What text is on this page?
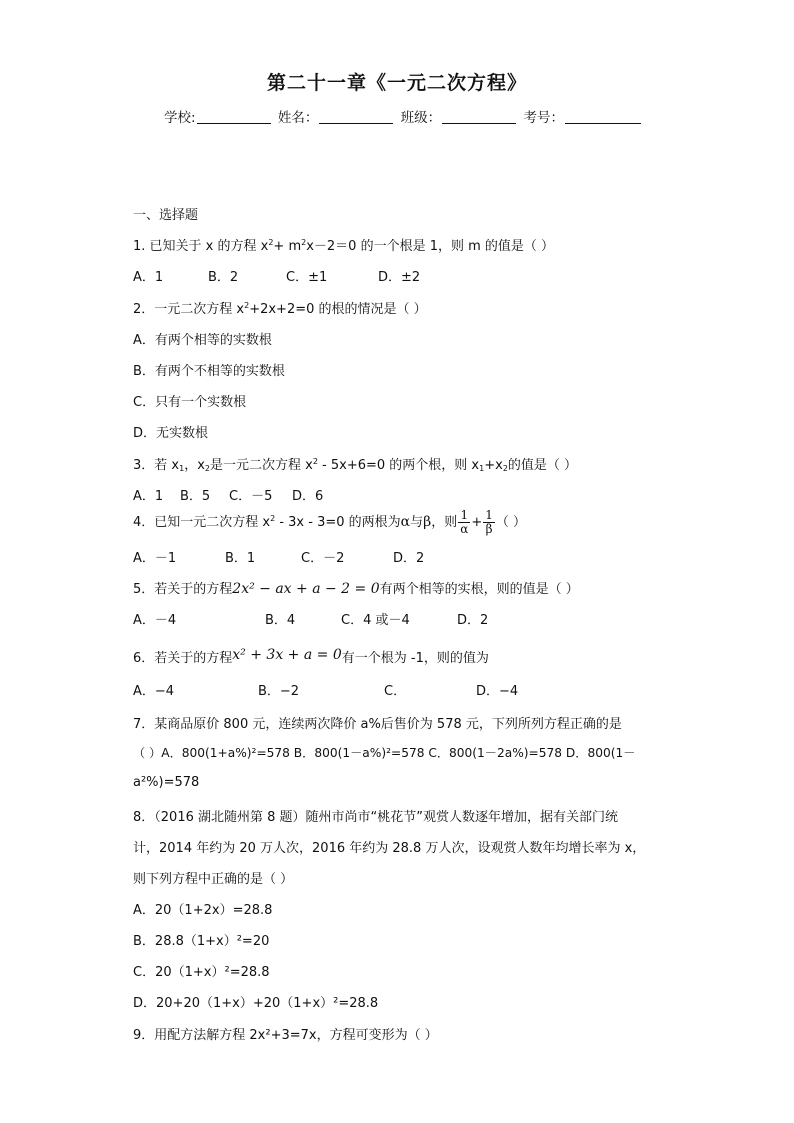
第二十一章《一元二次方程》
学校:	姓名：	班级：	考号：
一、选择题
1. 已知关于 x 的方程 $x^2+ m^2x-2=0$ 的一个根是 1，则 m 的值是（ ）
A．1	B．2	C．±1	D．±2
2．一元二次方程 $x^2+2x+2=0$ 的根的情况是（ ）
A．有两个相等的实数根
B．有两个不相等的实数根
C．只有一个实数根
D．无实数根
3．若 $x_1$，$x_2$是一元二次方程 $x^2 - 5x+6=0$ 的两个根，则 $x_1+x_2$的值是（ ）
A．1 B．5 C．－5 D．6
4．已知一元二次方程 $x^2 - 3x - 3=0$ 的两根为α与β，则 $\frac{1}{\alpha} + \frac{1}{\beta}$ （ ）
A．－1	B．1	C．－2	D．2
5．若关于的方程2x² − ax + a − 2 = 0有两个相等的实根，则的值是（ ）
A．－4	B．4	C．4 或－4	D．2
6．若关于的方程x² + 3x + a = 0有一个根为 -1，则的值为
A．−4	B．−2	C．	D．−4
7．某商品原价 800 元，连续两次降价 a%后售价为 578 元，下列所列方程正确的是
（ ）A．800(1+a%)²=578 B．800(1－a%)²=578 C．800(1－2a%)=578 D．800(1－
a²%)=578
8．（2016 湖北随州第 8 题）随州市尚市“桃花节”观赏人数逐年增加，据有关部门统
计，2014 年约为 20 万人次，2016 年约为 28.8 万人次，设观赏人数年均增长率为 x，
则下列方程中正确的是（ ）
A．20（1+2x）=28.8
B．28.8（1+x）²=20
C．20（1+x）²=28.8
D．20+20（1+x）+20（1+x）²=28.8
9．用配方法解方程 2x²+3=7x，方程可变形为（ ）
